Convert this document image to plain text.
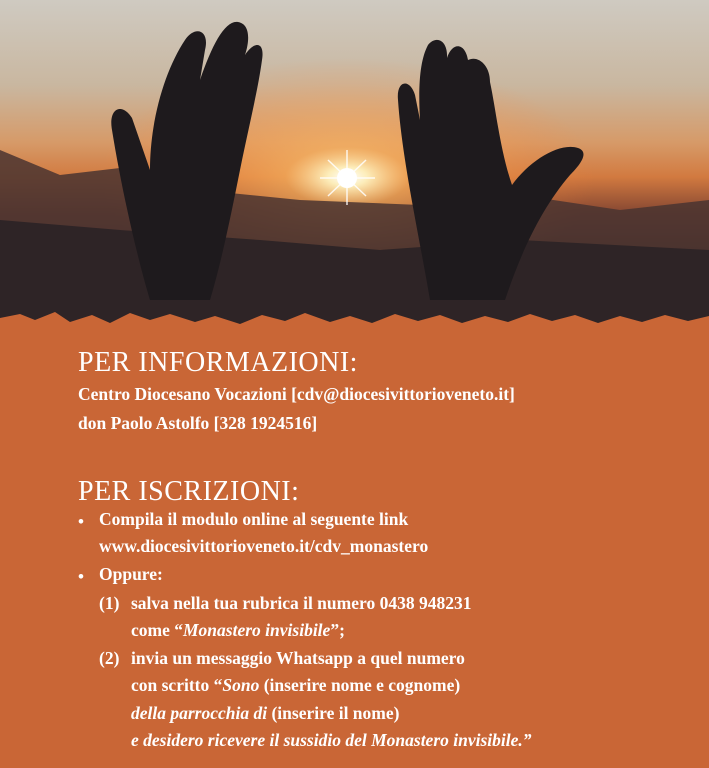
PER INFORMAZIONI:
Centro Diocesano Vocazioni [cdv@diocesivittorioveneto.it]
don Paolo Astolfo [328 1924516]
PER ISCRIZIONI:
• Compila il modulo online al seguente link
www.diocesivittorioveneto.it/cdv_monastero
• Oppure:
(1) salva nella tua rubrica il numero 0438 948231
come “Monastero invisibile”;
(2) invia un messaggio Whatsapp a quel numero
con scritto “Sono (inserire nome e cognome)
della parrocchia di (inserire il nome)
e desidero ricevere il sussidio del Monastero invisibile.”
